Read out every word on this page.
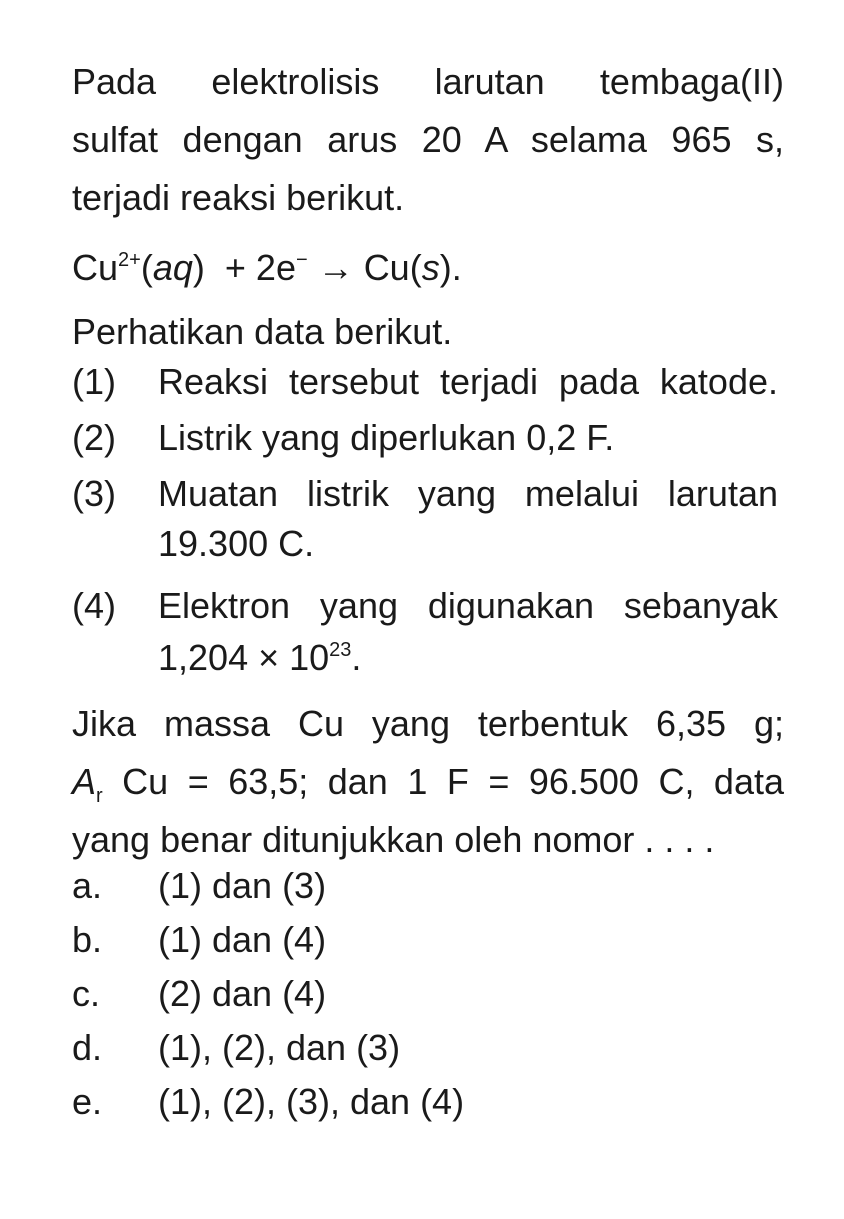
Pada elektrolisis larutan tembaga(II)
sulfat dengan arus 20 A selama 965 s,
terjadi reaksi berikut.
$Cu^{2+}(aq) + 2e^- \to Cu(s)$.
Perhatikan data berikut.
(1) Reaksi tersebut terjadi pada katode.
(2) Listrik yang diperlukan 0,2 F.
(3) Muatan listrik yang melalui larutan
19.300 C.
(4) Elektron yang digunakan sebanyak
$1,204 \times 10^{23}$.
Jika massa Cu yang terbentuk 6,35 g;
$A_r$ Cu = 63,5; dan 1 F = 96.500 C, data
yang benar ditunjukkan oleh nomor . . . .
a. (1) dan (3)
b. (1) dan (4)
c. (2) dan (4)
d. (1), (2), dan (3)
e. (1), (2), (3), dan (4)
